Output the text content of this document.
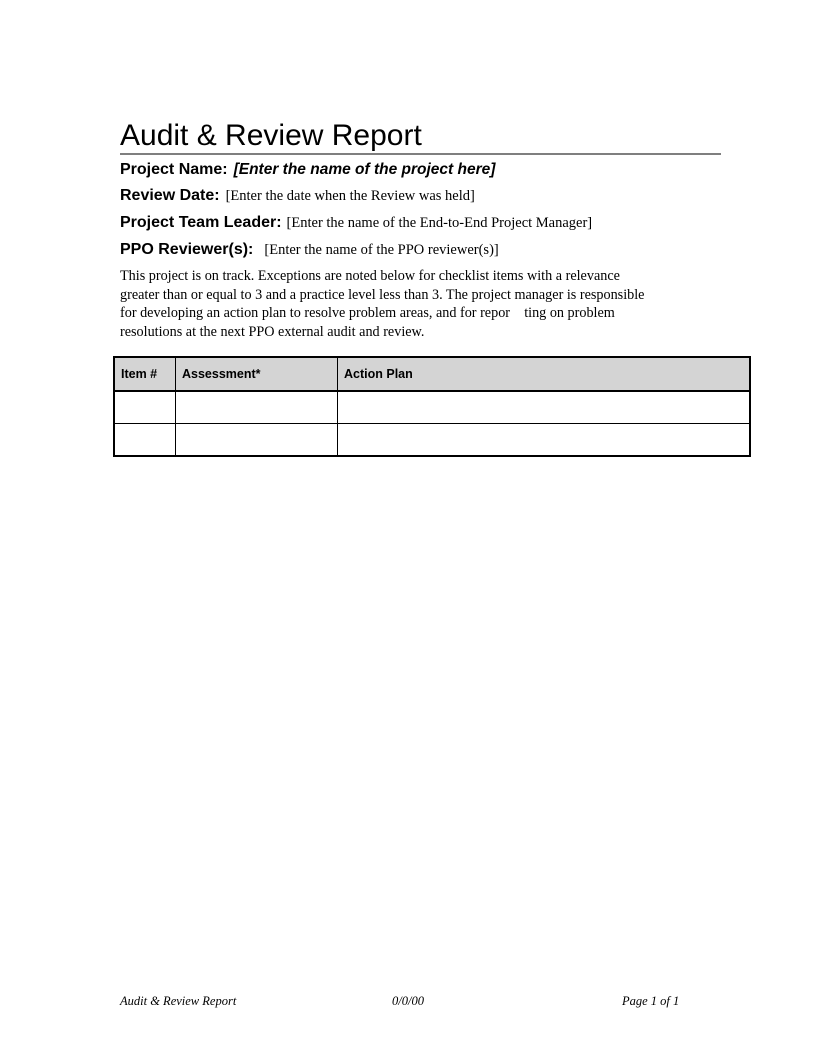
Audit & Review Report
Project Name: [Enter the name of the project here]
Review Date: [Enter the date when the Review was held]
Project Team Leader: [Enter the name of the End-to-End Project Manager]
PPO Reviewer(s): [Enter the name of the PPO reviewer(s)]

This project is on track. Exceptions are noted below for checklist items with a relevance
greater than or equal to 3 and a practice level less than 3. The project manager is responsible
for developing an action plan to resolve problem areas, and for repor    ting on problem
resolutions at the next PPO external audit and review.

Item #	Assessment*	Action Plan

Audit & Review Report	0/0/00	Page 1 of 1
